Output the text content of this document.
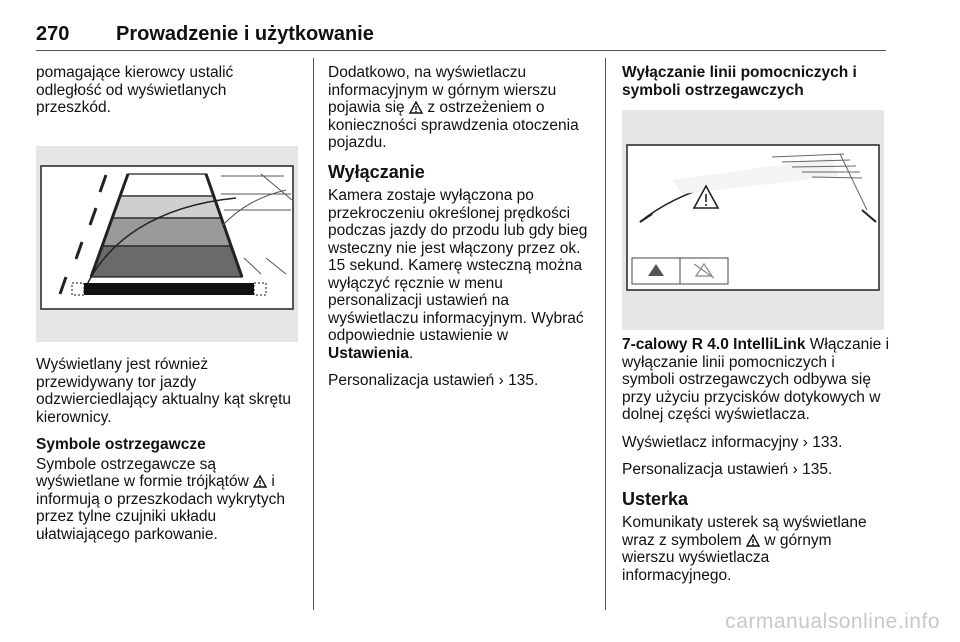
270 Prowadzenie i użytkowanie

pomagające kierowcy ustalić
odległość od wyświetlanych
przeszkód.

Wyświetlany jest również
przewidywany tor jazdy
odzwierciedlający aktualny kąt skrętu
kierownicy.

Symbole ostrzegawcze

Symbole ostrzegawcze są
wyświetlane w formie trójkątów  i
informują o przeszkodach wykrytych
przez tylne czujniki układu
ułatwiającego parkowanie.

Dodatkowo, na wyświetlaczu
informacyjnym w górnym wierszu
pojawia się z ostrzeżeniem o
konieczności sprawdzenia otoczenia
pojazdu.

Wyłączanie

Kamera zostaje wyłączona po
przekroczeniu określonej prędkości
podczas jazdy do przodu lub gdy bieg
wsteczny nie jest włączony przez ok.
15 sekund. Kamerę wsteczną można
wyłączyć ręcznie w menu
personalizacji ustawień na
wyświetlaczu informacyjnym. Wybrać
odpowiednie ustawienie w
Ustawienia.

Personalizacja ustawień › 135.

Wyłączanie linii pomocniczych i
symboli ostrzegawczych

7-calowy R 4.0 IntelliLink Włączanie i
wyłączanie linii pomocniczych i
symboli ostrzegawczych odbywa się
przy użyciu przycisków dotykowych w
dolnej części wyświetlacza.

Wyświetlacz informacyjny › 133.

Personalizacja ustawień › 135.

Usterka

Komunikaty usterek są wyświetlane
wraz z symbolem w górnym
wierszu wyświetlacza
informacyjnego.

carmanualsonline.info
